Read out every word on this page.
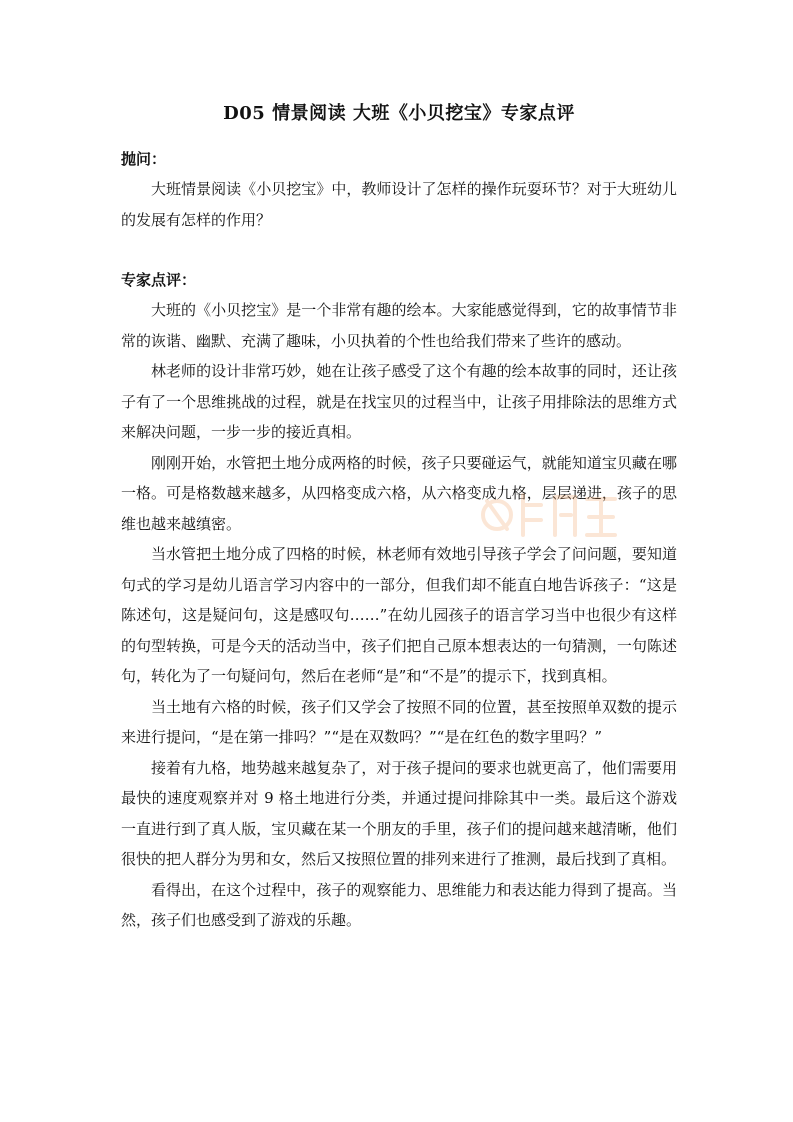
D05 情景阅读 大班《小贝挖宝》专家点评

抛问：

大班情景阅读《小贝挖宝》中，教师设计了怎样的操作玩耍环节？对于大班幼儿的发展有怎样的作用？

专家点评：

大班的《小贝挖宝》是一个非常有趣的绘本。大家能感觉得到，它的故事情节非常的诙谐、幽默、充满了趣味，小贝执着的个性也给我们带来了些许的感动。

林老师的设计非常巧妙，她在让孩子感受了这个有趣的绘本故事的同时，还让孩子有了一个思维挑战的过程，就是在找宝贝的过程当中，让孩子用排除法的思维方式来解决问题，一步一步的接近真相。

刚刚开始，水管把土地分成两格的时候，孩子只要碰运气，就能知道宝贝藏在哪一格。可是格数越来越多，从四格变成六格，从六格变成九格，层层递进，孩子的思维也越来越缜密。

当水管把土地分成了四格的时候，林老师有效地引导孩子学会了问问题，要知道句式的学习是幼儿语言学习内容中的一部分，但我们却不能直白地告诉孩子：“这是陈述句，这是疑问句，这是感叹句……”在幼儿园孩子的语言学习当中也很少有这样的句型转换，可是今天的活动当中，孩子们把自己原本想表达的一句猜测，一句陈述句，转化为了一句疑问句，然后在老师“是”和“不是”的提示下，找到真相。

当土地有六格的时候，孩子们又学会了按照不同的位置，甚至按照单双数的提示来进行提问，“是在第一排吗？”“是在双数吗？”“是在红色的数字里吗？”

接着有九格，地势越来越复杂了，对于孩子提问的要求也就更高了，他们需要用最快的速度观察并对 9 格土地进行分类，并通过提问排除其中一类。最后这个游戏一直进行到了真人版，宝贝藏在某一个朋友的手里，孩子们的提问越来越清晰，他们很快的把人群分为男和女，然后又按照位置的排列来进行了推测，最后找到了真相。

看得出，在这个过程中，孩子的观察能力、思维能力和表达能力得到了提高。当然，孩子们也感受到了游戏的乐趣。
